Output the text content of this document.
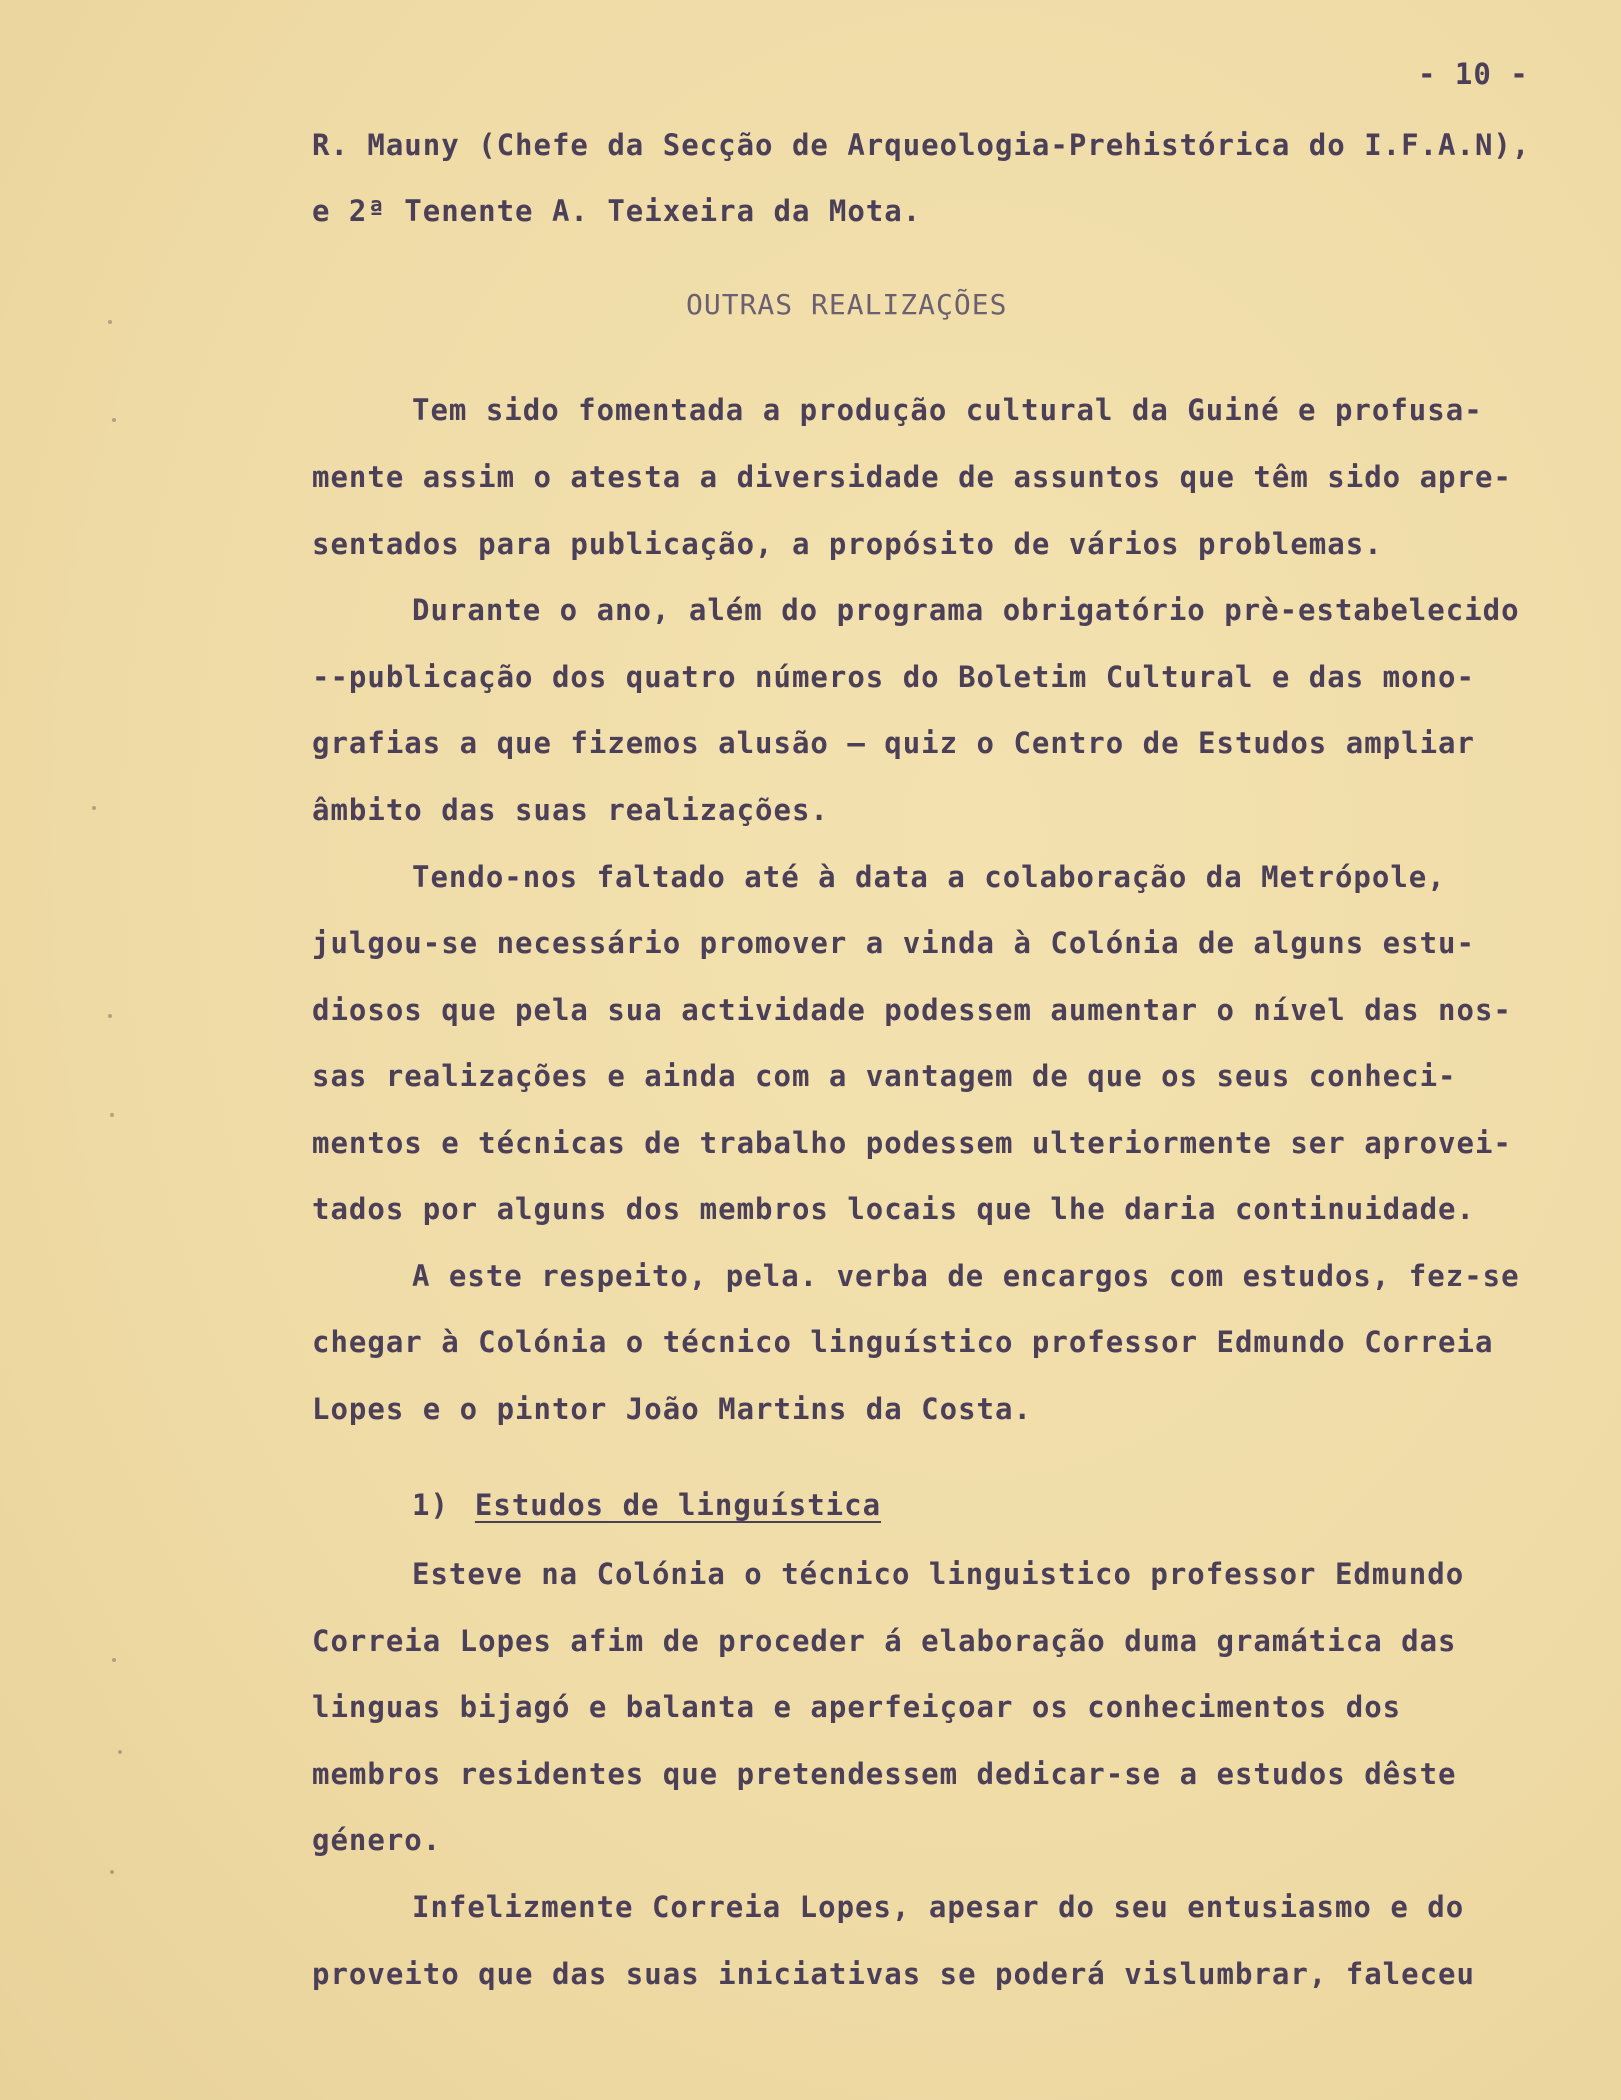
- 10 -
R. Mauny (Chefe da Secção de Arqueologia-Prehistórica do I.F.A.N),
e 2ª Tenente A. Teixeira da Mota.
OUTRAS REALIZAÇÕES
Tem sido fomentada a produção cultural da Guiné e profusa-
mente assim o atesta a diversidade de assuntos que têm sido apre-
sentados para publicação, a propósito de vários problemas.
Durante o ano, além do programa obrigatório prè-estabelecido
--publicação dos quatro números do Boletim Cultural e das mono-
grafias a que fizemos alusão — quiz o Centro de Estudos ampliar
âmbito das suas realizações.
Tendo-nos faltado até à data a colaboração da Metrópole,
julgou-se necessário promover a vinda à Colónia de alguns estu-
diosos que pela sua actividade podessem aumentar o nível das nos-
sas realizações e ainda com a vantagem de que os seus conheci-
mentos e técnicas de trabalho podessem ulteriormente ser aprovei-
tados por alguns dos membros locais que lhe daria continuidade.
A este respeito, pela. verba de encargos com estudos, fez-se
chegar à Colónia o técnico linguístico professor Edmundo Correia
Lopes e o pintor João Martins da Costa.
1) Estudos de linguística
Esteve na Colónia o técnico linguistico professor Edmundo
Correia Lopes afim de proceder á elaboração duma gramática das
linguas bijagó e balanta e aperfeiçoar os conhecimentos dos
membros residentes que pretendessem dedicar-se a estudos dêste
género.
Infelizmente Correia Lopes, apesar do seu entusiasmo e do
proveito que das suas iniciativas se poderá vislumbrar, faleceu
